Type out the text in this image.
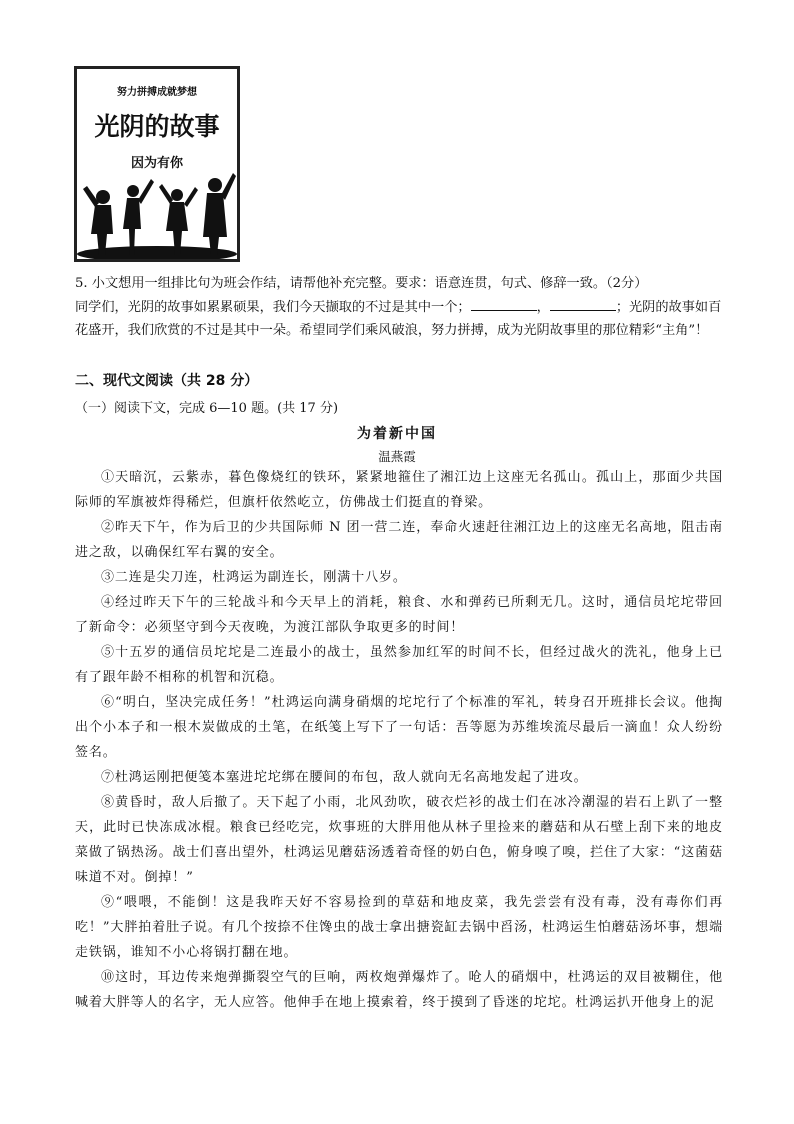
努力拼搏成就梦想
光阴的故事
因为有你

5. 小文想用一组排比句为班会作结，请帮他补充完整。要求：语意连贯，句式、修辞一致。（2分）

同学们，光阴的故事如累累硕果，我们今天撷取的不过是其中一个；	，	；光阴的故事如百花盛开，我们欣赏的不过是其中一朵。希望同学们乘风破浪，努力拼搏，成为光阴故事里的那位精彩“主角”！

二、现代文阅读（共 28 分）
（一）阅读下文，完成 6—10 题。(共 17 分)
为着新中国
温燕霞

①天暗沉，云紫赤，暮色像烧红的铁环，紧紧地箍住了湘江边上这座无名孤山。孤山上，那面少共国际师的军旗被炸得稀烂，但旗杆依然屹立，仿佛战士们挺直的脊梁。

②昨天下午，作为后卫的少共国际师 N 团一营二连，奉命火速赶往湘江边上的这座无名高地，阻击南进之敌，以确保红军右翼的安全。

③二连是尖刀连，杜鸿运为副连长，刚满十八岁。

④经过昨天下午的三轮战斗和今天早上的消耗，粮食、水和弹药已所剩无几。这时，通信员坨坨带回了新命令：必须坚守到今天夜晚，为渡江部队争取更多的时间！

⑤十五岁的通信员坨坨是二连最小的战士，虽然参加红军的时间不长，但经过战火的洗礼，他身上已有了跟年龄不相称的机智和沉稳。

⑥“明白，坚决完成任务！”杜鸿运向满身硝烟的坨坨行了个标准的军礼，转身召开班排长会议。他掏出个小本子和一根木炭做成的土笔，在纸笺上写下了一句话：吾等愿为苏维埃流尽最后一滴血！众人纷纷签名。

⑦杜鸿运刚把便笺本塞进坨坨绑在腰间的布包，敌人就向无名高地发起了进攻。

⑧黄昏时，敌人后撤了。天下起了小雨，北风劲吹，破衣烂衫的战士们在冰冷潮湿的岩石上趴了一整天，此时已快冻成冰棍。粮食已经吃完，炊事班的大胖用他从林子里捡来的蘑菇和从石壁上刮下来的地皮菜做了锅热汤。战士们喜出望外，杜鸿运见蘑菇汤透着奇怪的奶白色，俯身嗅了嗅，拦住了大家：“这菌菇味道不对。倒掉！”

⑨“喂喂，不能倒！这是我昨天好不容易捡到的草菇和地皮菜，我先尝尝有没有毒，没有毒你们再吃！”大胖拍着肚子说。有几个按捺不住馋虫的战士拿出搪瓷缸去锅中舀汤，杜鸿运生怕蘑菇汤坏事，想端走铁锅，谁知不小心将锅打翻在地。

⑩这时，耳边传来炮弹撕裂空气的巨响，两枚炮弹爆炸了。呛人的硝烟中，杜鸿运的双目被糊住，他喊着大胖等人的名字，无人应答。他伸手在地上摸索着，终于摸到了昏迷的坨坨。杜鸿运扒开他身上的泥
